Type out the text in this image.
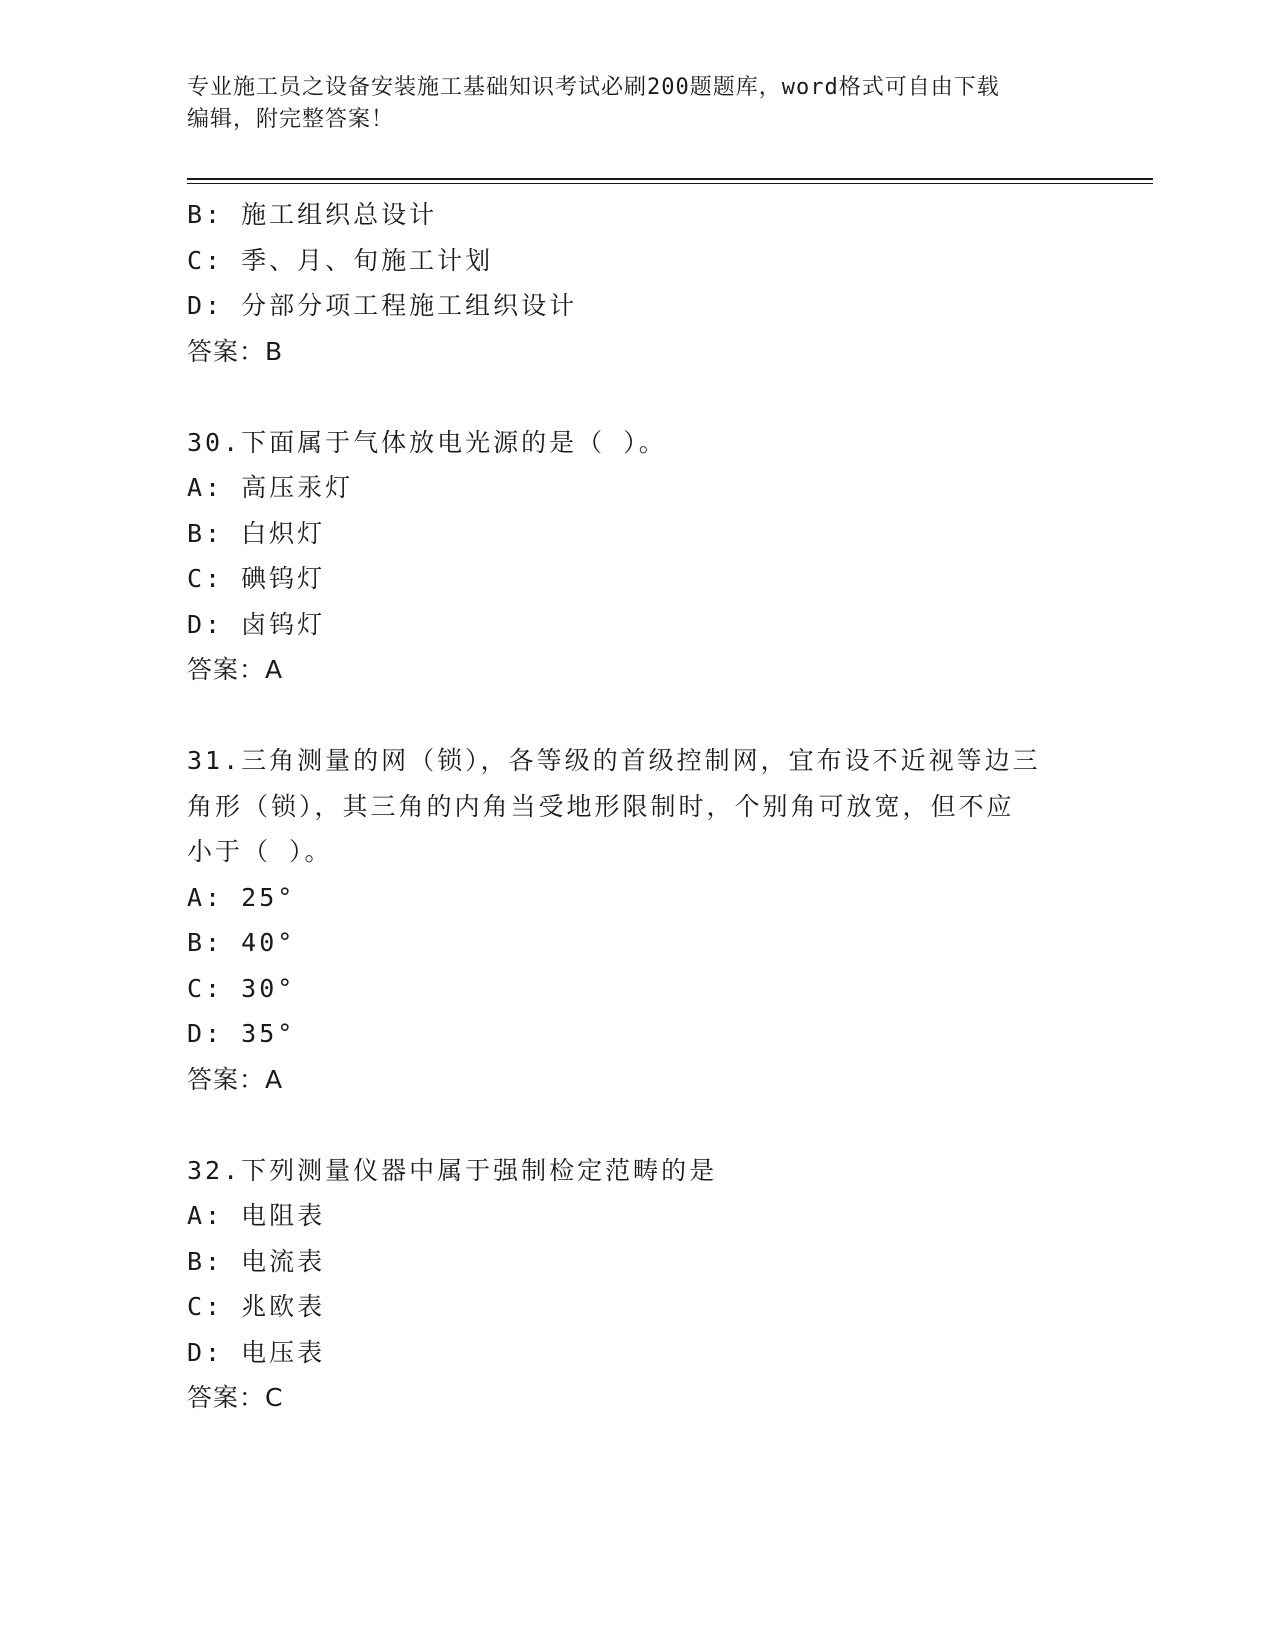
专业施工员之设备安装施工基础知识考试必刷200题题库，word格式可自由下载
编辑，附完整答案！
B: 施工组织总设计
C: 季、月、旬施工计划
D: 分部分项工程施工组织设计
答案：B
30.下面属于气体放电光源的是（ ）。
A: 高压汞灯
B: 白炽灯
C: 碘钨灯
D: 卤钨灯
答案：A
31.三角测量的网（锁），各等级的首级控制网，宜布设不近视等边三
角形（锁），其三角的内角当受地形限制时，个别角可放宽，但不应
小于（ ）。
A: 25°
B: 40°
C: 30°
D: 35°
答案：A
32.下列测量仪器中属于强制检定范畴的是
A: 电阻表
B: 电流表
C: 兆欧表
D: 电压表
答案：C
